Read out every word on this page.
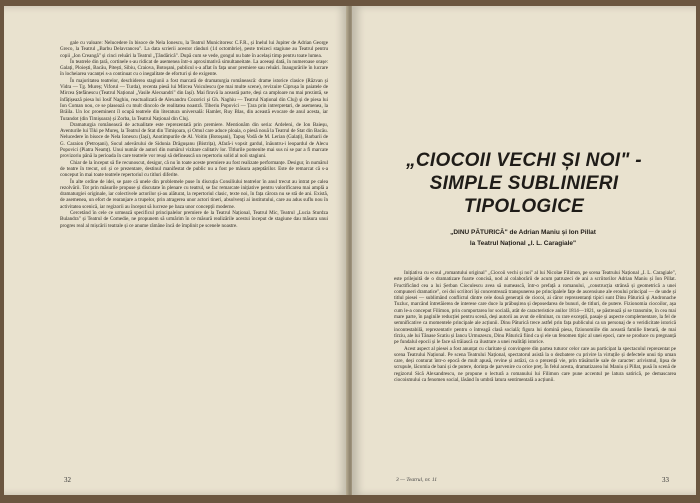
gale cu valoare: Nelucedere în bisoce de Nela Ionescu, la Teatrul Municitoresc C.F.R., și Inelul lui Jupiter de Adrian George Greco, la Teatrul „Barbu Delavrancea". La data scrierii acestor rânduri (14 octombrie), peste treizeci stagiune au Teatrul pentru copii „Ion Creangă" și cinci reluări la Teatrul „Țăndărică". După cum se vede, gongul nu bate în același timp pentru toate lumea.

În teatrele din țară, cortinele s-au ridicat de asemenea într-o aproximativă simultaneitate. La aceeași dată, în numeroase orașe: Galați, Ploiești, Bacău, Pitești, Sibiu, Craiova, Botoșani, publicul s-a aflat în fața unor premiere sau reluări. Inaugurările în lucrare în locheiarea vacanței s-a continuat cu o inegalitate de eforturi și de exigente.

În majoritatea teatrelor, deschiderea stagiunii a fost marcată de dramaturgia românească: drame istorice clasice (Răzvan și Vidra — Tg. Mureș; Viforul — Turda), recenta piesă lui Mircea Voiculescu (pe mai multe scene), revizuire Ciprușa în paiatele de Mircea Ștefănescu (Teatrul Național „Vasile Alecsandri" din Iași). Mai firavă la această parte, deși ca amploare nu mai prezintă, se înfățișează piesa lui Iosif Naghiu, reactualizată de Alexandru Cozorici și Gh. Naghiu — Teatrul Național din Cluj) și de piesa lui Ion Coman nou, ce se plasează cu mult dincolo de realitatea noastră. Tiberiu Popovici — Țara prin intrerpretari, de asemenea, la Brăila. Un loc proeminent îl ocupă teatrele din literatura universală: Hamlet, Ruy Blas, din această evocare de anul acesta, iar Turandot (din Timișoara) și Zorba, la Teatrul Național din Cluj.

Dramaturgia românească de actualitate este reprezentată prin premiere. Mentionăm din seria: Ardeleni, de Ion Baieșu, Aventurile lui Tiki pe Mureș, la Teatrul de Stat din Timișoara, și Omul care aduce ploaia, o piesă nouă la Teatrul de Stat din Bacău. Nelucedere în bisoce de Nela Ionescu (Iași), Anotimpurile de Al. Voitin (Botoșani), Tapuș Vodă de M. Lerian (Galați), Barbarii de G. Caraion (Petroșani), Socul adevărului de Sidonia Drăgușanu (Bistrița), Afară-i vopsit gardul, înăuntru-i leopardul de Alecu Popovici (Piatra Neamț). Unui număr de autori din numărul vizitare calitativ lor. Titlurile pomenite mai sus ni se par a fi marcate provizoriu până la perioada în care teatrele vor reuși să definească un repertoriu solid al noii stagiuni.

Chiar de la început să fie recunoscut, desigur, că nu în toate aceste premiere au fost realizate performanțe. Desigur, în numărul de teatre în trecut, ori și ce prezentare, destinul manifestat de public nu a fost pe măsura așteptărilor. Este de remarcat că s-a conceput în mai toate teatrele repertoriul cu titluri diferite.

În alte ordine de idei, se pare că unele din problemele puse în discuția Consiliului teatrelor în anul trecut au intrat pe calea rezolvării. Tot prin măsurile propuse și discutate în plenare cu teatrul, se fac remarcate inițiative pentru valorificarea mai amplă a dramaturgiei originale, iar colectivele actorilor și-au alăturat, la repertoriul clasic, texte noi, în fața cărora nu se stă de ani. Există, de asemenea, un efort de rearanjare a trupelor, prin atragerea unor actori tineri, absolvenți ai institutului, care au adus suflu nou în activitatea scenică, iar regizorii au început să lucreze pe baza unor concepții moderne.

Cercetând în cele ce urmează specificul principalelor premiere de la Teatrul Național, Teatrul Mic, Teatrul „Lucia Sturdza Bulandra" și Teatrul de Comedie, ne propunem să urmărim în ce măsură realizările acestui început de stagiune dau măsura unui progres real al mișcării teatrale și ce anume rămâne încă de împlinit pe scenele noastre.

32
„CIOCOII VECHI ȘI NOI" -
SIMPLE SUBLINIERI
TIPOLOGICE
„DINU PĂTURICĂ" de Adrian Maniu și Ion Pillat
la Teatrul Național „I. L. Caragiale"

Inițiativa cu ecoul „romantului original" „Ciocoii vechi și noi" al lui Nicolae Filimon, pe scena Teatrului Național „I. L. Caragiale", este prilejuită de o dramatizare foarte concisă, nod al colaborării de acum patruzeci de ani a scriitorilor Adrian Maniu și Ion Pillat. Fructificând cea a lui Șerban Cioculescu avea să numească, într-o prefață a romanului, „construcția strânsă și geometrică a unei compuneri dramatice", cei doi scriitori își concentrează transpunerea pe principalele fațe de ascensiune ale eroului principal — de unde și titlul piesei — sublimând conflictul dintre cele două generații de ciocoi, ai căror reprezentanți tipici sunt Dinu Păturică și Andronache Tuzluc, marcând întretăierea de interese care duce la prăbușirea și deposedarea de bunuri, de titluri, de putere. Fizionomia ciocoilor, așa cum le-a conceput Filimon, prin comportarea lor socială, atât de caracteristice anilor 1814—1821, se păstrează și se transmite, în cea mai mare parte, în paginile reducției pentru scenă, deși autorii au avut de eliminat, cu rare excepții, pasaje și aspecte complementare, la fel de semnificative ca momentele principale ale acțiunii. Dinu Păturică trece astfel prin fața publicului ca un personaj de o veridicitate istorică incontestabilă, reprezentativ pentru o întreagă clasă socială; figura lui domină piesa, fizionomiile din această familie literară, de mai tîrziu, ale lui Tănase Scatiu și Iancu Urmuzescu, Dinu Păturică fiind ca și ele un fenomen tipic al unei epoci, care se produce cu pregnanță pe fundalul epocii și le face să trăiască ca ilustrare a unei realități istorice.

Acest aspect al piesei a fost anunțat cu claritate și convingere din partea tuturor celor care au participat la spectacolul reprezentat pe scena Teatrului Național. Pe scena Teatrului Național, spectatorul asistă la o dezbatere cu privire la virtuțile și defectele unui tip uman care, deși conturat într-o epocă de mult apusă, revine și astăzi, ca o prezență vie, prin trăsăturile sale de caracter: arivismul, lipsa de scrupule, lăcomia de bani și de putere, dorința de parvenire cu orice preț. În felul acesta, dramatizarea lui Maniu și Pillat, pusă în scenă de regizorul Sică Alexandrescu, ne propune o lectură a romanului lui Filimon care pune accentul pe latura satirică, pe demascarea ciocoismului ca fenomen social, lăsând în umbră latura sentimentală a acțiunii.

3 — Teatrul, nr. 11	33
